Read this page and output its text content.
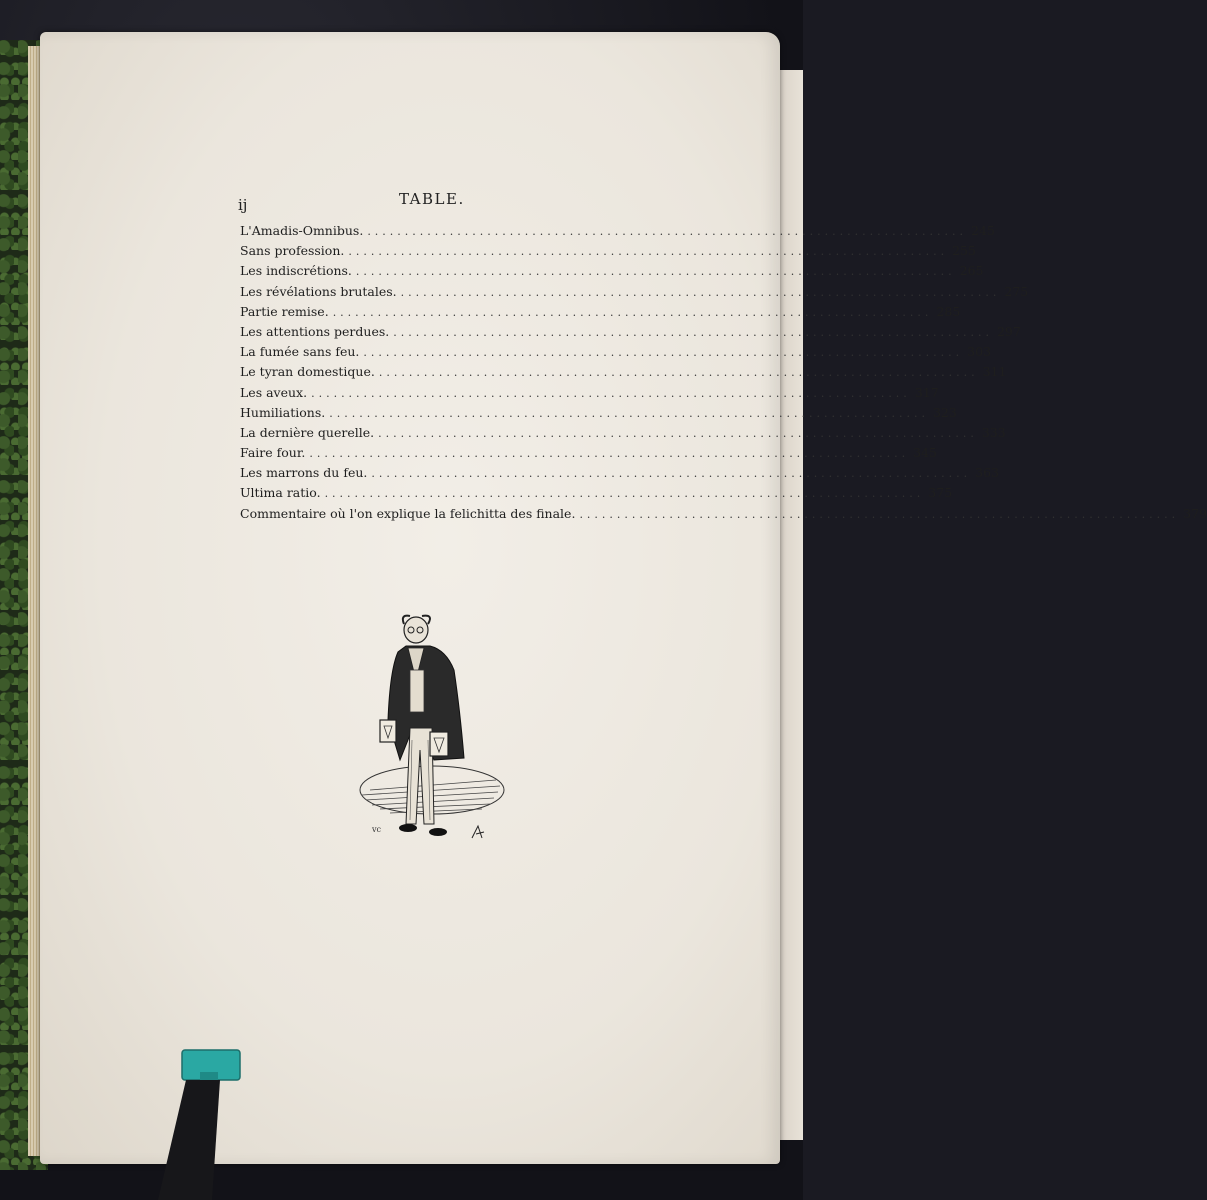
ij	TABLE.
L'Amadis-Omnibus. ................................................................................ 245
Sans profession. ................................................................................ 255
Les indiscrétions. ................................................................................ 265
Les révélations brutales. ................................................................................ 275
Partie remise. ................................................................................ 285
Les attentions perdues. ................................................................................ 297
La fumée sans feu. ................................................................................ 303
Le tyran domestique. ................................................................................ 311
Les aveux. ................................................................................ 317
Humiliations. ................................................................................ 323
La dernière querelle. ................................................................................ 333
Faire four. ................................................................................ 345
Les marrons du feu. ................................................................................ 363
Ultima ratio. ................................................................................ 375
Commentaire où l'on explique la felichitta des finale. ................................................................................ 379
vc
